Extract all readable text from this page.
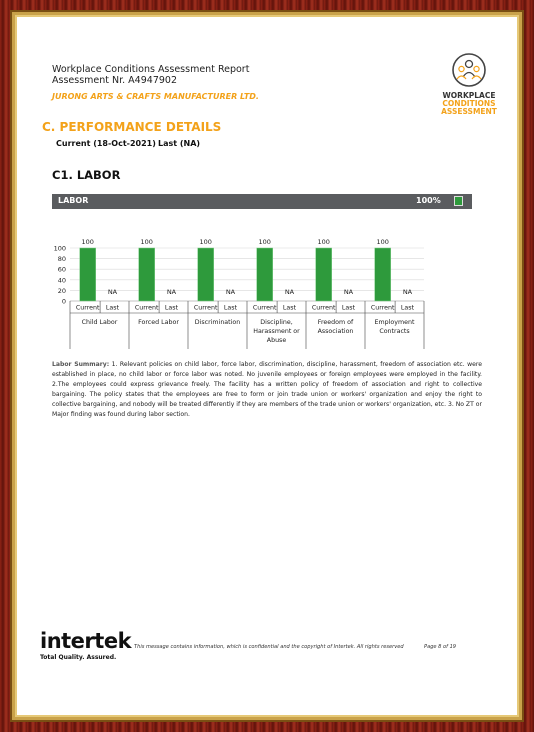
Workplace Conditions Assessment Report
Assessment Nr. A4947902
JURONG ARTS & CRAFTS MANUFACTURER LTD.	WORKPLACE
CONDITIONS
ASSESSMENT
C. PERFORMANCE DETAILS
Current (18-Oct-2021) Last (NA)
C1. LABOR
LABOR	100%
0
20
40
60
80
100
100
NA
Current Last
Child Labor
100
NA
Current Last
Forced Labor
100
NA
Current Last
Discrimination
100
NA
Current Last
Discipline,
Harassment or
Abuse
100
NA
Current Last
Freedom of
Association
100
NA
Current Last
Employment
Contracts
Labor Summary: 1. Relevant policies on child labor, force labor, discrimination, discipline, harassment, freedom of association etc. were established in place, no child labor or force labor was noted. No juvenile employees or foreign employees were employed in the facility. 2.The employees could express grievance freely. The facility has a written policy of freedom of association and right to collective bargaining. The policy states that the employees are free to form or join trade union or workers' organization and enjoy the right to collective bargaining, and nobody will be treated differently if they are members of the trade union or workers' organization, etc. 3. No ZT or Major finding was found during labor section.
intertek
Total Quality. Assured.
This message contains information, which is confidential and the copyright of Intertek. All rights reserved	Page 8 of 19
